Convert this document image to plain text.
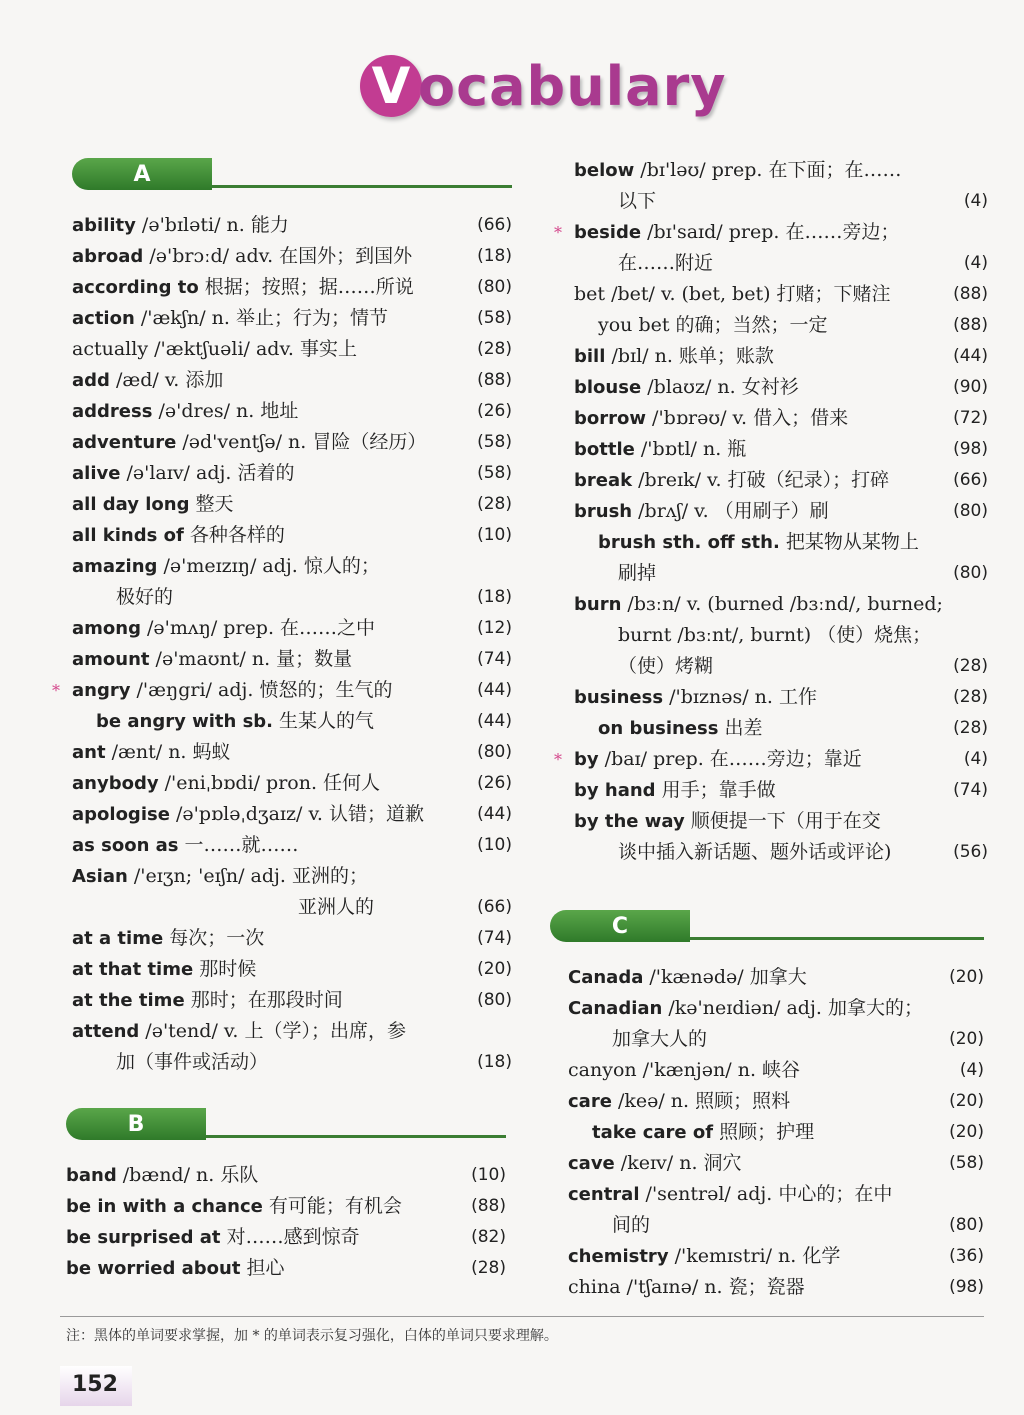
V ocabulary
A
ability /ə'bɪləti/ n. 能力	(66)
abroad /ə'brɔːd/ adv. 在国外；到国外	(18)
according to 根据；按照；据……所说	(80)
action /'ækʃn/ n. 举止；行为；情节	(58)
actually /'æktʃuəli/ adv. 事实上	(28)
add /æd/ v. 添加	(88)
address /ə'dres/ n. 地址	(26)
adventure /əd'ventʃə/ n. 冒险（经历）	(58)
alive /ə'laɪv/ adj. 活着的	(58)
all day long 整天	(28)
all kinds of 各种各样的	(10)
amazing /ə'meɪzɪŋ/ adj. 惊人的；
极好的	(18)
among /ə'mʌŋ/ prep. 在……之中	(12)
amount /ə'maʊnt/ n. 量；数量	(74)
* angry /'æŋgri/ adj. 愤怒的；生气的	(44)
be angry with sb. 生某人的气	(44)
ant /ænt/ n. 蚂蚁	(80)
anybody /'eniˌbɒdi/ pron. 任何人	(26)
apologise /ə'pɒləˌdʒaɪz/ v. 认错；道歉	(44)
as soon as 一……就……	(10)
Asian /'eɪʒn; 'eɪʃn/ adj. 亚洲的；
亚洲人的	(66)
at a time 每次；一次	(74)
at that time 那时候	(20)
at the time 那时；在那段时间	(80)
attend /ə'tend/ v. 上（学）；出席，参
加（事件或活动）	(18)
B
band /bænd/ n. 乐队	(10)
be in with a chance 有可能；有机会	(88)
be surprised at 对……感到惊奇	(82)
be worried about 担心	(28)
below /bɪ'ləʊ/ prep. 在下面；在……
以下	(4)
* beside /bɪ'saɪd/ prep. 在……旁边；
在……附近	(4)
bet /bet/ v. (bet, bet) 打赌；下赌注	(88)
you bet 的确；当然；一定	(88)
bill /bɪl/ n. 账单；账款	(44)
blouse /blaʊz/ n. 女衬衫	(90)
borrow /'bɒrəʊ/ v. 借入；借来	(72)
bottle /'bɒtl/ n. 瓶	(98)
break /breɪk/ v. 打破（纪录）；打碎	(66)
brush /brʌʃ/ v. （用刷子）刷	(80)
brush sth. off sth. 把某物从某物上
刷掉	(80)
burn /bɜːn/ v. (burned /bɜːnd/, burned;
burnt /bɜːnt/, burnt) （使）烧焦；
（使）烤糊	(28)
business /'bɪznəs/ n. 工作	(28)
on business 出差	(28)
* by /baɪ/ prep. 在……旁边；靠近	(4)
by hand 用手；靠手做	(74)
by the way 顺便提一下（用于在交
谈中插入新话题、题外话或评论)	(56)
C
Canada /'kænədə/ 加拿大	(20)
Canadian /kə'neɪdiən/ adj. 加拿大的；
加拿大人的	(20)
canyon /'kænjən/ n. 峡谷	(4)
care /keə/ n. 照顾；照料	(20)
take care of 照顾；护理	(20)
cave /keɪv/ n. 洞穴	(58)
central /'sentrəl/ adj. 中心的；在中
间的	(80)
chemistry /'kemɪstri/ n. 化学	(36)
china /'tʃaɪnə/ n. 瓷；瓷器	(98)
注：黑体的单词要求掌握，加 * 的单词表示复习强化，白体的单词只要求理解。
152
